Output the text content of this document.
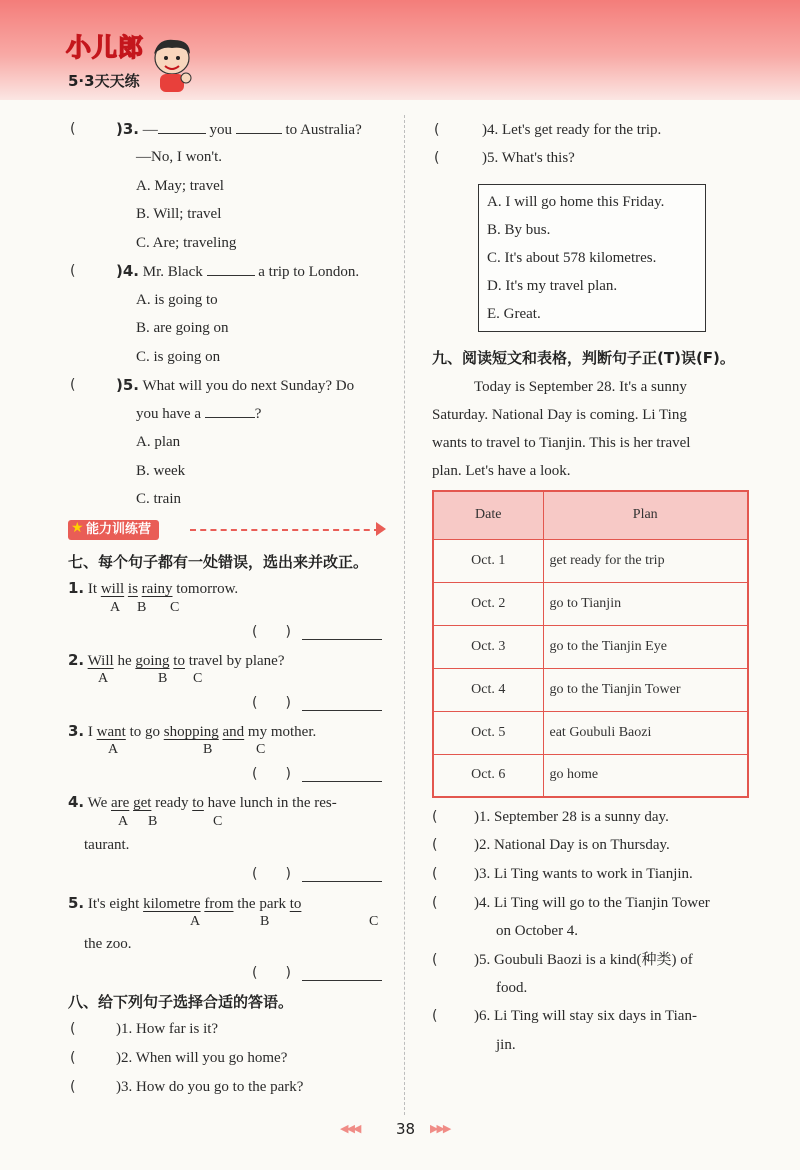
小儿郎
5·3天天练
(	)3. —	you	to Australia?
—No, I won't.
A. May; travel
B. Will; travel
C. Are; traveling
(	)4. Mr. Black	a trip to London.
A. is going to
B. are going on
C. is going on
(	)5. What will you do next Sunday? Do
you have a	?
A. plan
B. week
C. train
能力训练营
★
七、每个句子都有一处错误，选出来并改正。
1. It will is rainy tomorrow.
A B C
(　　)
2. Will he going to travel by plane?
A	B C
(　　)
3. I want to go shopping and my mother.
A	B	C
(　　)
4. We are get ready to have lunch in the res-
A B	C
taurant.
(　　)
5. It's eight kilometre from the park to
A	B	C
the zoo.
(　　)
八、给下列句子选择合适的答语。
(	)1. How far is it?
(	)2. When will you go home?
(	)3. How do you go to the park?
(	)4. Let's get ready for the trip.
(	)5. What's this?
A. I will go home this Friday.
B. By bus.
C. It's about 578 kilometres.
D. It's my travel plan.
E. Great.
九、阅读短文和表格，判断句子正(T)误(F)。
Today is September 28. It's a sunny
Saturday. National Day is coming. Li Ting
wants to travel to Tianjin. This is her travel
plan. Let's have a look.
Date	Plan
Oct. 1	get ready for the trip
Oct. 2	go to Tianjin
Oct. 3	go to the Tianjin Eye
Oct. 4	go to the Tianjin Tower
Oct. 5	eat Goubuli Baozi
Oct. 6	go home
( )1. September 28 is a sunny day.
( )2. National Day is on Thursday.
( )3. Li Ting wants to work in Tianjin.
( )4. Li Ting will go to the Tianjin Tower
on October 4.
( )5. Goubuli Baozi is a kind(种类) of
food.
( )6. Li Ting will stay six days in Tian-
jin.
◀◀◀ 38 ▶▶▶
